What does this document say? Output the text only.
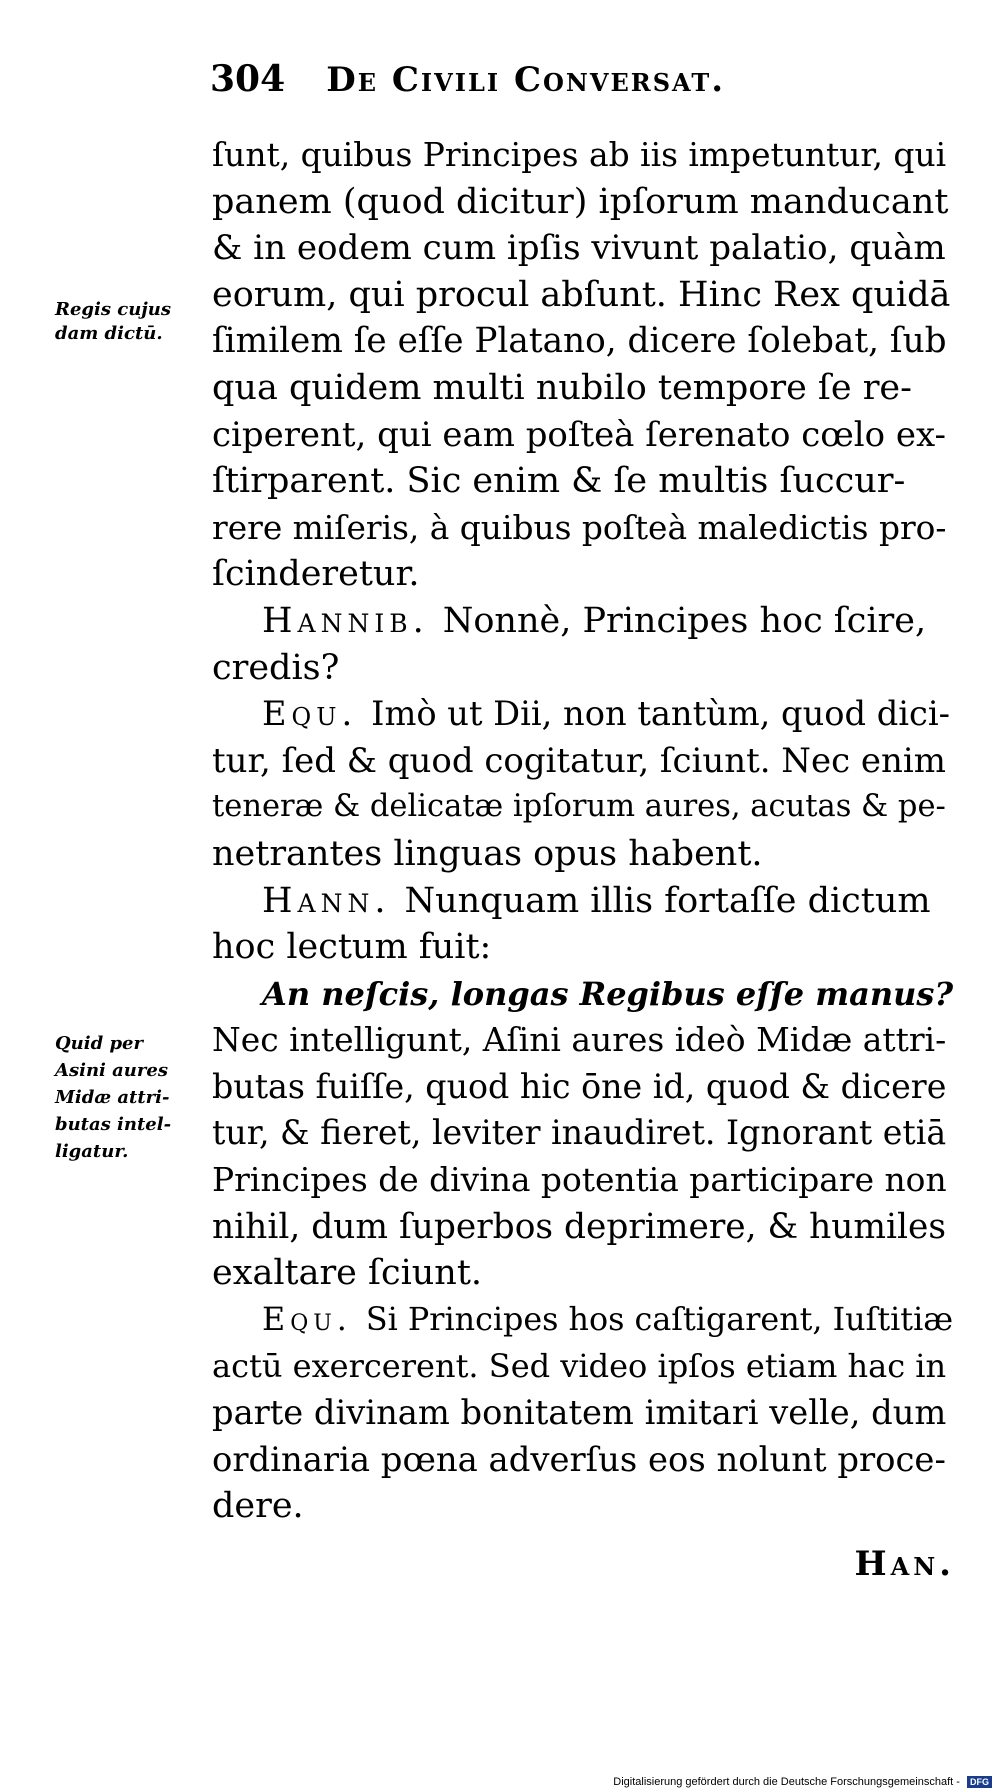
304 De Civili Conversat.
Regis cujus
dam dictū.
Quid per
Asini aures
Midæ attri-
butas intel-
ligatur.
ſunt, quibus Principes ab iis impetuntur, qui
panem (quod dicitur) ipſorum manducant
& in eodem cum ipſis vivunt palatio, quàm
eorum, qui procul abſunt. Hinc Rex quidā
ſimilem ſe eſſe Platano, dicere ſolebat, ſub
qua quidem multi nubilo tempore ſe re-
ciperent, qui eam poſteà ſerenato cœlo ex-
ſtirparent. Sic enim & ſe multis ſuccur-
rere miſeris, à quibus poſteà maledictis pro-
ſcinderetur.
Hannib. Nonnè, Principes hoc ſcire,
credis?
Equ. Imò ut Dii, non tantùm, quod dici-
tur, ſed & quod cogitatur, ſciunt. Nec enim
teneræ & delicatæ ipſorum aures, acutas & pe-
netrantes linguas opus habent.
Hann. Nunquam illis fortaſſe dictum
hoc lectum fuit:
An neſcis, longas Regibus eſſe manus?
Nec intelligunt, Aſini aures ideò Midæ attri-
butas fuiſſe, quod hic ōne id, quod & dicere
tur, & fieret, leviter inaudiret. Ignorant etiā
Principes de divina potentia participare non
nihil, dum ſuperbos deprimere, & humiles
exaltare ſciunt.
Equ. Si Principes hos caſtigarent, Iuſtitiæ
actū exercerent. Sed video ipſos etiam hac in
parte divinam bonitatem imitari velle, dum
ordinaria pœna adverſus eos nolunt proce-
dere.
Han.
Digitalisierung gefördert durch die Deutsche Forschungsgemeinschaft - DFG
